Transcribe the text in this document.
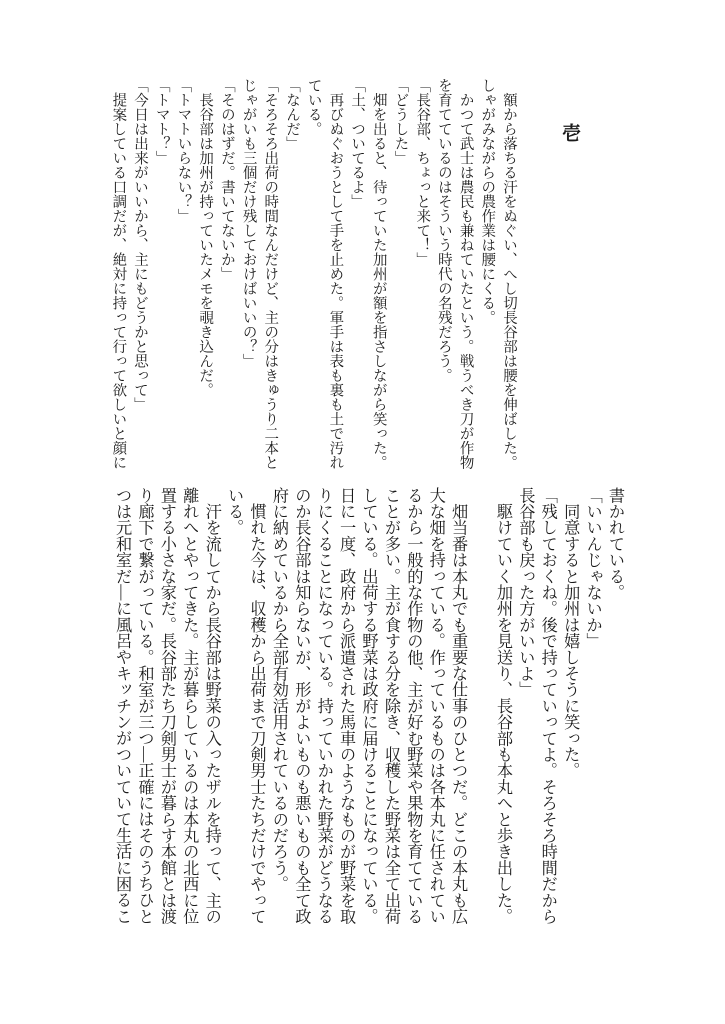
壱

　額から落ちる汗をぬぐい、へし切長谷部は腰を伸ばした。

しゃがみながらの農作業は腰にくる。

　かつて武士は農民も兼ねていたという。戦うべき刀が作物

を育てているのはそういう時代の名残だろう。

「長谷部、ちょっと来て！」

「どうした」

　畑を出ると、待っていた加州が額を指さしながら笑った。

「土、ついてるよ」

　再びぬぐおうとして手を止めた。軍手は表も裏も土で汚れ

ている。

「なんだ」

「そろそろ出荷の時間なんだけど、主の分はきゅうり二本と

じゃがいも三個だけ残しておけばいいの？」

「そのはずだ。書いてないか」

　長谷部は加州が持っていたメモを覗き込んだ。

「トマトいらない？」

「トマト？」

「今日は出来がいいから、主にもどうかと思って」

　提案している口調だが、絶対に持って行って欲しいと顔に

書かれている。

「いいんじゃないか」

　同意すると加州は嬉しそうに笑った。

「残しておくね。後で持っていってよ。そろそろ時間だから

長谷部も戻った方がいいよ」

　駆けていく加州を見送り、長谷部も本丸へと歩き出した。

　畑当番は本丸でも重要な仕事のひとつだ。どこの本丸も広

大な畑を持っている。作っているものは各本丸に任されてい

るから一般的な作物の他、主が好む野菜や果物を育てている

ことが多い。主が食する分を除き、収穫した野菜は全て出荷

している。出荷する野菜は政府に届けることになっている。

日に一度、政府から派遣された馬車のようなものが野菜を取

りにくることになっている。持っていかれた野菜がどうなる

のか長谷部は知らないが、形がよいものも悪いものも全て政

府に納めているから全部有効活用されているのだろう。

　慣れた今は、収穫から出荷まで刀剣男士たちだけでやって

いる。

　汗を流してから長谷部は野菜の入ったザルを持って、主の

離れへとやってきた。主が暮らしているのは本丸の北西に位

置する小さな家だ。長谷部たち刀剣男士が暮らす本館とは渡

り廊下で繋がっている。和室が三つ―正確にはそのうちひと

つは元和室だ―に風呂やキッチンがついていて生活に困るこ
